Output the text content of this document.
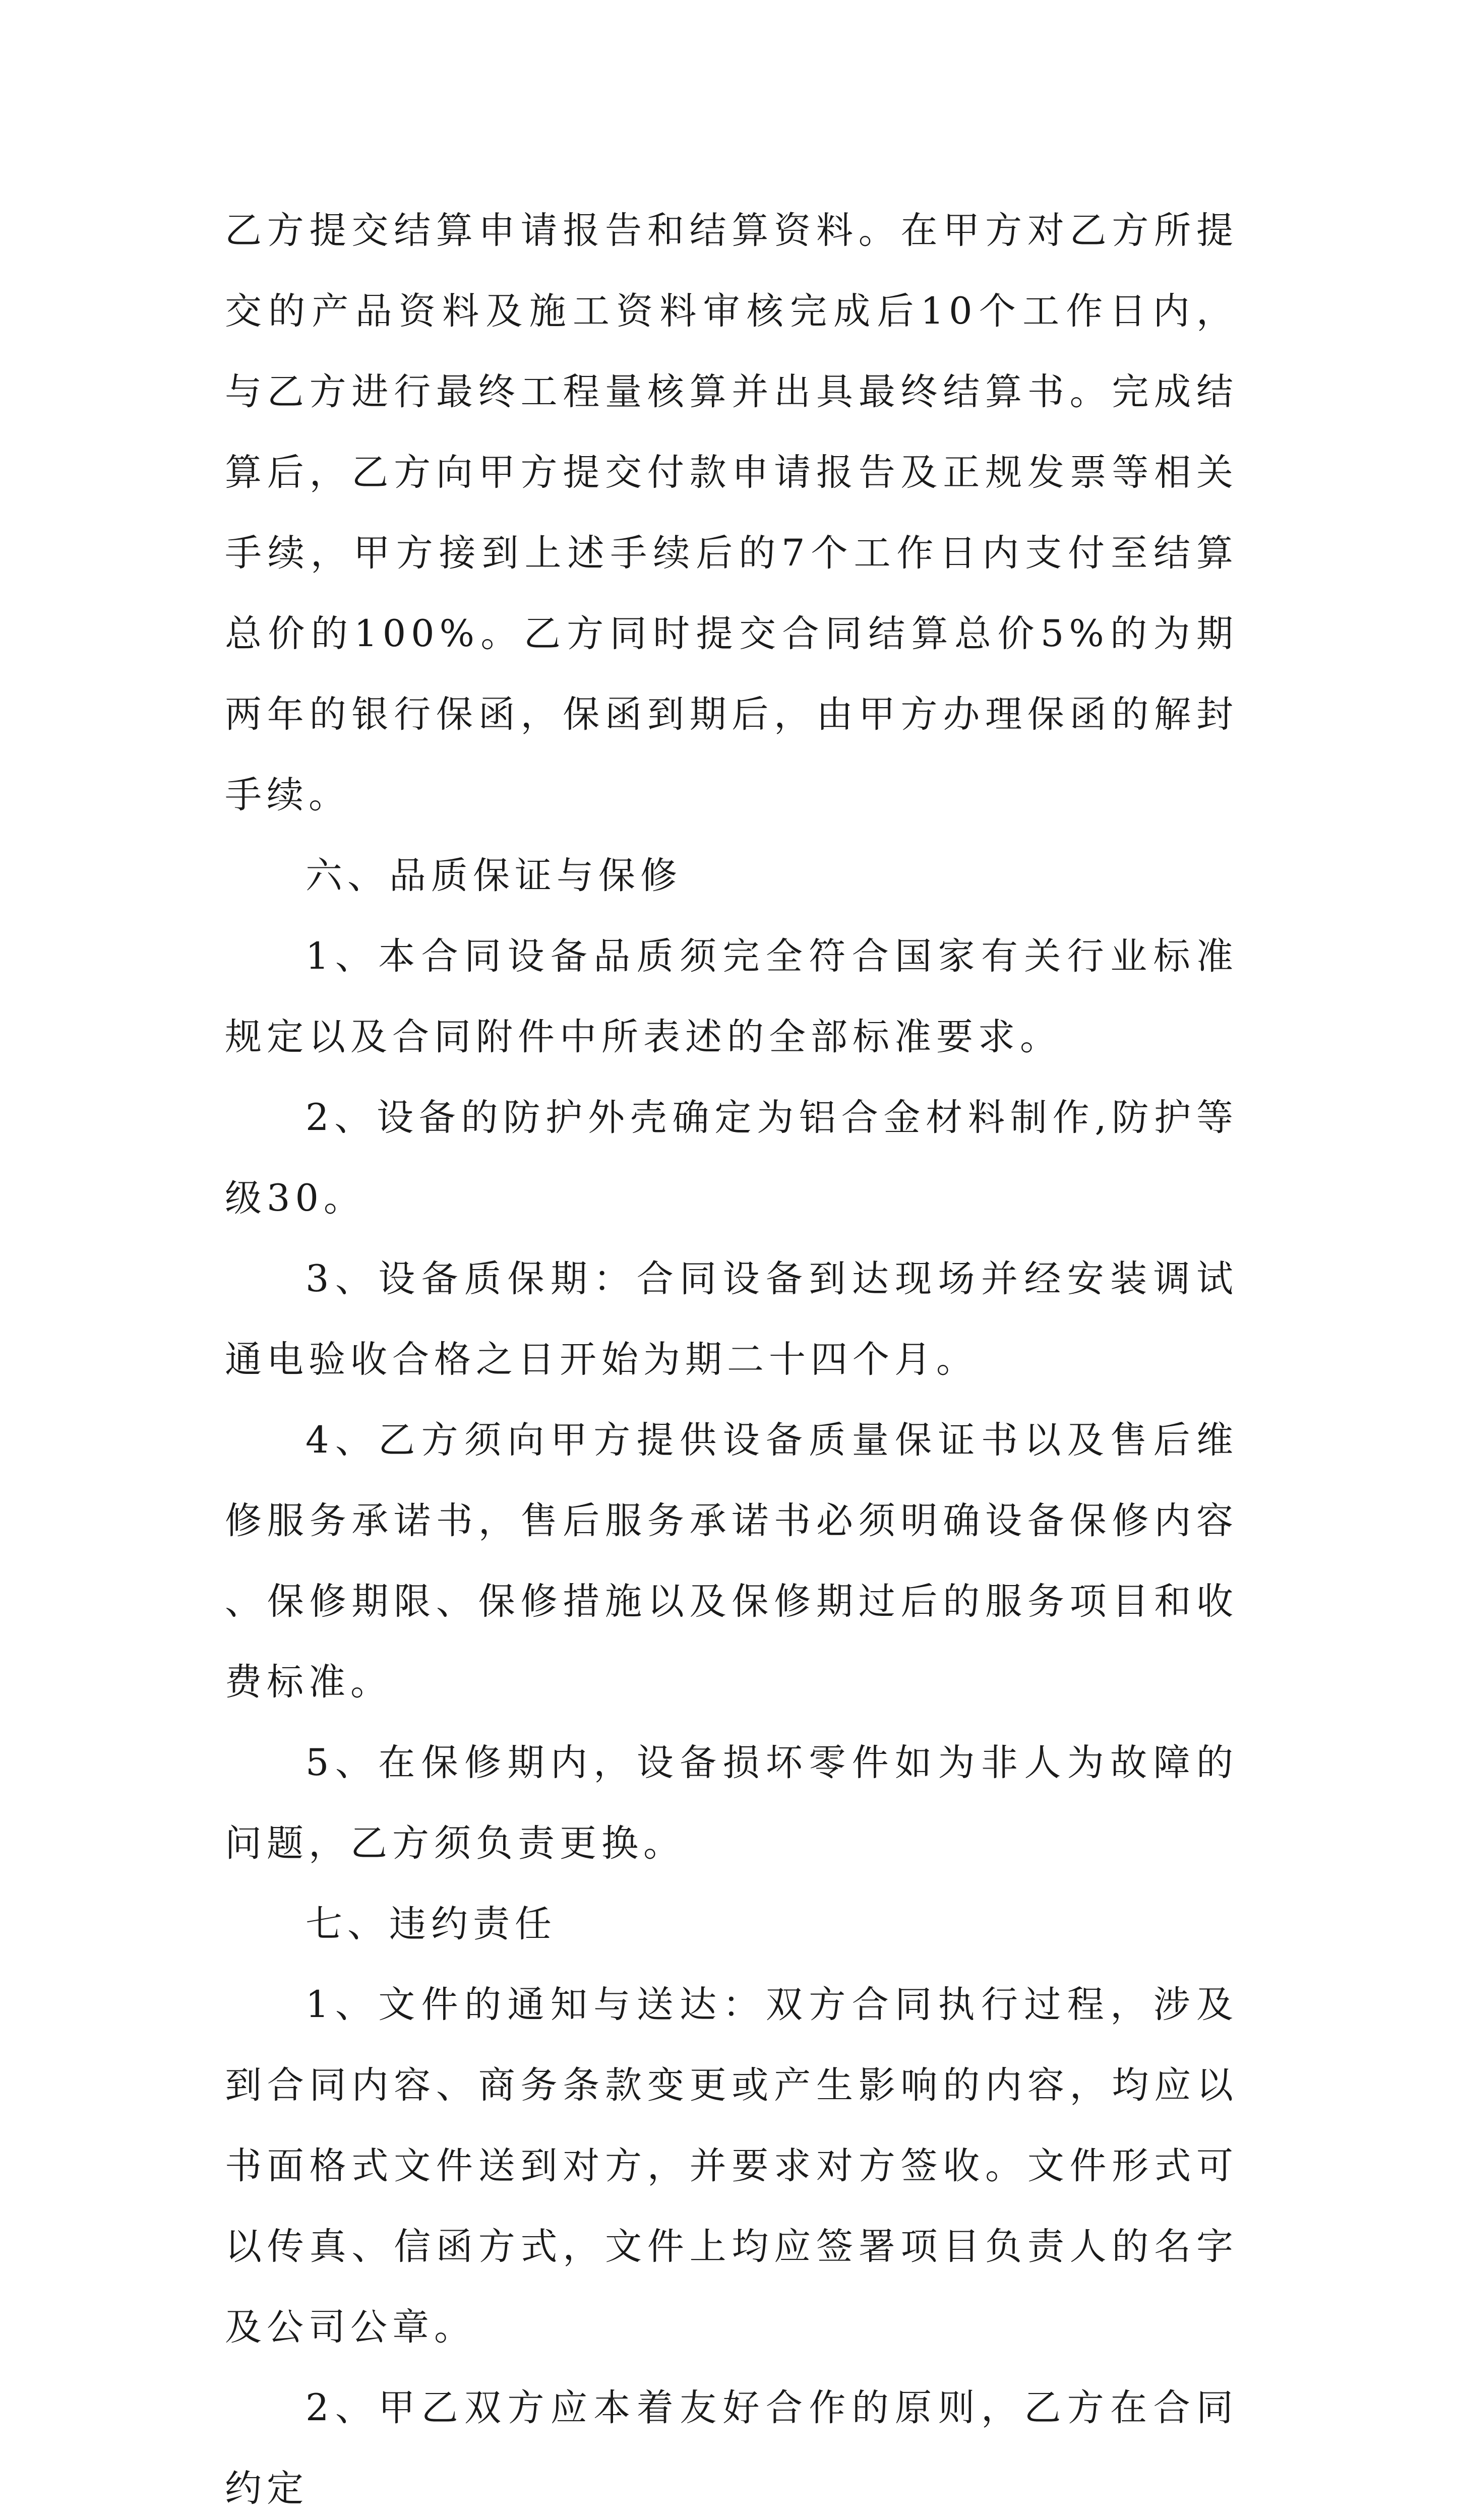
乙方提交结算申请报告和结算资料。在甲方对乙方所提交的产品资料及施工资料审核完成后10个工作日内，与乙方进行最终工程量核算并出具最终结算书。完成结算后，乙方向甲方提交付款申请报告及正规发票等相关手续，甲方接到上述手续后的7个工作日内支付至结算总价的100%。乙方同时提交合同结算总价5%的为期两年的银行保函，保函到期后，由甲方办理保函的解封手续。

六、品质保证与保修

1、本合同设备品质须完全符合国家有关行业标准规定以及合同附件中所表述的全部标准要求。

2、设备的防护外壳确定为铝合金材料制作,防护等级30。

3、设备质保期：合同设备到达现场并经安装调试通电验收合格之日开始为期二十四个月。

4、乙方须向甲方提供设备质量保证书以及售后维修服务承诺书，售后服务承诺书必须明确设备保修内容、保修期限、保修措施以及保修期过后的服务项目和收费标准。

5、在保修期内，设备损坏零件如为非人为故障的问题，乙方须负责更换。

七、违约责任

1、文件的通知与送达：双方合同执行过程，涉及到合同内容、商务条款变更或产生影响的内容，均应以书面格式文件送到对方，并要求对方签收。文件形式可以传真、信函方式，文件上均应签署项目负责人的名字及公司公章。

2、甲乙双方应本着友好合作的原则，乙方在合同约定
